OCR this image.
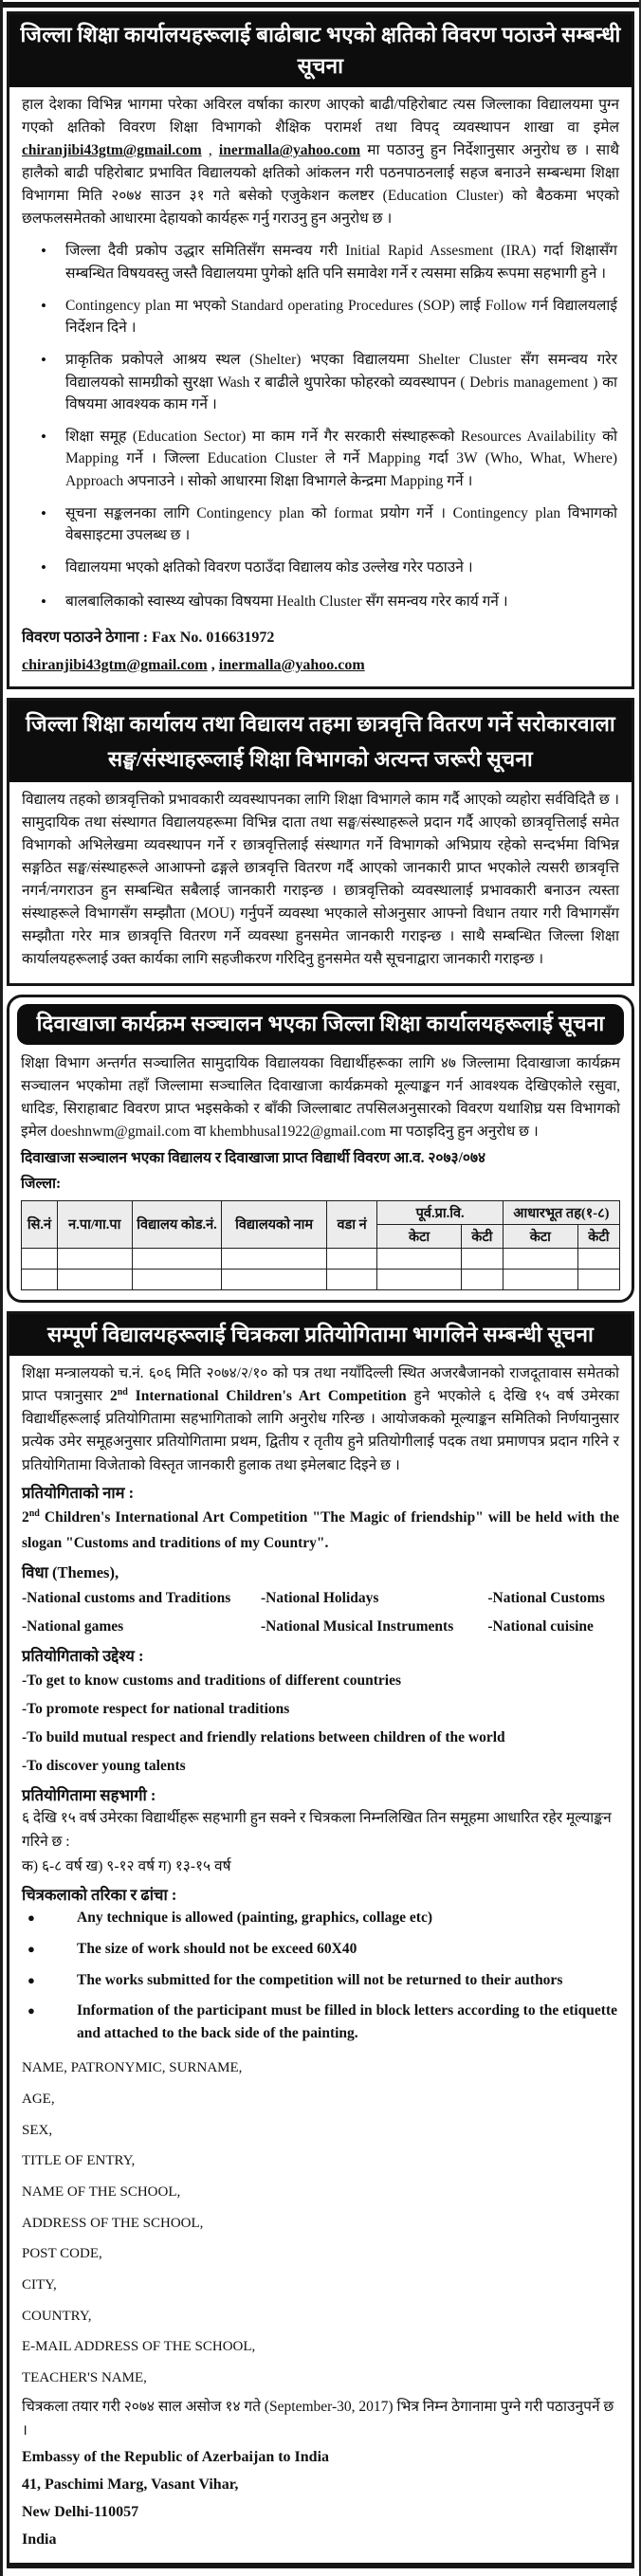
जिल्ला शिक्षा कार्यालयहरूलाई बाढीबाट भएको क्षतिको विवरण पठाउने सम्बन्धी सूचना

हाल देशका विभिन्न भागमा परेका अविरल वर्षाका कारण आएको बाढी/पहिरोबाट त्यस जिल्लाका विद्यालयमा पुग्न गएको क्षतिको विवरण शिक्षा विभागको शैक्षिक परामर्श तथा विपद् व्यवस्थापन शाखा वा इमेल chiranjibi43gtm@gmail.com , inermalla@yahoo.com मा पठाउनु हुन निर्देशानुसार अनुरोध छ । साथै हालैको बाढी पहिरोबाट प्रभावित विद्यालयको क्षतिको आंकलन गरी पठनपाठनलाई सहज बनाउने सम्बन्धमा शिक्षा विभागमा मिति २०७४ साउन ३१ गते बसेको एजुकेशन कलष्टर (Education Cluster) को बैठकमा भएको छलफलसमेतको आधारमा देहायको कार्यहरू गर्नु गराउनु हुन अनुरोध छ ।

•	जिल्ला दैवी प्रकोप उद्धार समितिसँग समन्वय गरी Initial Rapid Assesment (IRA) गर्दा शिक्षासँग सम्बन्धित विषयवस्तु जस्तै विद्यालयमा पुगेको क्षति पनि समावेश गर्ने र त्यसमा सक्रिय रूपमा सहभागी हुने ।
•	Contingency plan मा भएको Standard operating Procedures (SOP) लाई Follow गर्न विद्यालयलाई निर्देशन दिने ।
•	प्राकृतिक प्रकोपले आश्रय स्थल (Shelter) भएका विद्यालयमा Shelter Cluster सँग समन्वय गरेर विद्यालयको सामग्रीको सुरक्षा Wash र बाढीले थुपारेका फोहरको व्यवस्थापन ( Debris management ) का विषयमा आवश्यक काम गर्ने ।
•	शिक्षा समूह (Education Sector) मा काम गर्ने गैर सरकारी संस्थाहरूको Resources Availability को Mapping गर्ने । जिल्ला Education Cluster ले गर्ने Mapping गर्दा 3W (Who, What, Where) Approach अपनाउने । सोको आधारमा शिक्षा विभागले केन्द्रमा Mapping गर्ने ।
•	सूचना सङ्कलनका लागि Contingency plan को format प्रयोग गर्ने । Contingency plan विभागको वेबसाइटमा उपलब्ध छ ।
•	विद्यालयमा भएको क्षतिको विवरण पठाउँदा विद्यालय कोड उल्लेख गरेर पठाउने ।
•	बालबालिकाको स्वास्थ्य खोपका विषयमा Health Cluster सँग समन्वय गरेर कार्य गर्ने ।

विवरण पठाउने ठेगाना : Fax No. 016631972

chiranjibi43gtm@gmail.com , inermalla@yahoo.com

जिल्ला शिक्षा कार्यालय तथा विद्यालय तहमा छात्रवृत्ति वितरण गर्ने सरोकारवाला
सङ्घ/संस्थाहरूलाई शिक्षा विभागको अत्यन्त जरूरी सूचना

विद्यालय तहको छात्रवृत्तिको प्रभावकारी व्यवस्थापनका लागि शिक्षा विभागले काम गर्दै आएको व्यहोरा सर्वविदितै छ । सामुदायिक तथा संस्थागत विद्यालयहरूमा विभिन्न दाता तथा सङ्घ/संस्थाहरूले प्रदान गर्दै आएको छात्रवृत्तिलाई समेत विभागको अभिलेखमा व्यवस्थापन गर्ने र छात्रवृत्तिलाई संस्थागत गर्ने विभागको अभिप्राय रहेको सन्दर्भमा विभिन्न सङ्गठित सङ्घ/संस्थाहरूले आआफ्नो ढङ्गले छात्रवृत्ति वितरण गर्दै आएको जानकारी प्राप्त भएकोले त्यसरी छात्रवृत्ति नगर्न/नगराउन हुन सम्बन्धित सबैलाई जानकारी गराइन्छ । छात्रवृत्तिको व्यवस्थालाई प्रभावकारी बनाउन त्यस्ता संस्थाहरूले विभागसँग सम्झौता (MOU) गर्नुपर्ने व्यवस्था भएकाले सोअनुसार आफ्नो विधान तयार गरी विभागसँग सम्झौता गरेर मात्र छात्रवृत्ति वितरण गर्ने व्यवस्था हुनसमेत जानकारी गराइन्छ । साथै सम्बन्धित जिल्ला शिक्षा कार्यालयहरूलाई उक्त कार्यका लागि सहजीकरण गरिदिनु हुनसमेत यसै सूचनाद्वारा जानकारी गराइन्छ ।

दिवाखाजा कार्यक्रम सञ्चालन भएका जिल्ला शिक्षा कार्यालयहरूलाई सूचना

शिक्षा विभाग अन्तर्गत सञ्चालित सामुदायिक विद्यालयका विद्यार्थीहरूका लागि ४७ जिल्लामा दिवाखाजा कार्यक्रम सञ्चालन भएकोमा तहाँ जिल्लामा सञ्चालित दिवाखाजा कार्यक्रमको मूल्याङ्कन गर्न आवश्यक देखिएकोले रसुवा, धादिङ, सिराहाबाट विवरण प्राप्त भइसकेको र बाँकी जिल्लाबाट तपसिलअनुसारको विवरण यथाशिघ्र यस विभागको इमेल doeshnwm@gmail.com वा khembhusal1922@gmail.com मा पठाइदिनु हुन अनुरोध छ ।

दिवाखाजा सञ्चालन भएका विद्यालय र दिवाखाजा प्राप्त विद्यार्थी विवरण आ.व. २०७३/०७४

जिल्ला:

सि.नं	न.पा/गा.पा	विद्यालय कोड.नं.	विद्यालयको नाम	वडा नं	पूर्व.प्रा.वि.		आधारभूत तह(१-८)	
					केटा	केटी	केटा	केटी

सम्पूर्ण विद्यालयहरूलाई चित्रकला प्रतियोगितामा भागलिने सम्बन्धी सूचना

शिक्षा मन्त्रालयको च.नं. ६०६ मिति २०७४/२/१० को पत्र तथा नयाँदिल्ली स्थित अजरबैजानको राजदूतावास समेतको प्राप्त पत्रानुसार 2nd International Children's Art Competition हुने भएकोले ६ देखि १५ वर्ष उमेरका विद्यार्थीहरूलाई प्रतियोगितामा सहभागिताको लागि अनुरोध गरिन्छ । आयोजकको मूल्याङ्कन समितिको निर्णयानुसार प्रत्येक उमेर समूहअनुसार प्रतियोगितामा प्रथम, द्वितीय र तृतीय हुने प्रतियोगीलाई पदक तथा प्रमाणपत्र प्रदान गरिने र प्रतियोगितामा विजेताको विस्तृत जानकारी हुलाक तथा इमेलबाट दिइने छ ।

प्रतियोगिताको नाम :

2nd Children's International Art Competition "The Magic of friendship" will be held with the slogan "Customs and traditions of my Country".

विधा (Themes),

-National customs and Traditions	-National Holidays	-National Customs
-National games	-National Musical Instruments	-National cuisine

प्रतियोगिताको उद्देश्य :

-To get to know customs and traditions of different countries

-To promote respect for national traditions

-To build mutual respect and friendly relations between children of the world

-To discover young talents

प्रतियोगितामा सहभागी :

६ देखि १५ वर्ष उमेरका विद्यार्थीहरू सहभागी हुन सक्ने र चित्रकला निम्नलिखित तिन समूहमा आधारित रहेर मूल्याङ्कन गरिने छ :

क) ६-८ वर्ष ख) ९-१२ वर्ष ग) १३-१५ वर्ष

चित्रकलाको तरिका र ढांचा :

●	Any technique is allowed (painting, graphics, collage etc)
●	The size of work should not be exceed 60X40
●	The works submitted for the competition will not be returned to their authors
●	Information of the participant must be filled in block letters according to the etiquette and attached to the back side of the painting.

NAME, PATRONYMIC, SURNAME,

AGE,

SEX,

TITLE OF ENTRY,

NAME OF THE SCHOOL,

ADDRESS OF THE SCHOOL,

POST CODE,

CITY,

COUNTRY,

E-MAIL ADDRESS OF THE SCHOOL,

TEACHER'S NAME,

चित्रकला तयार गरी २०७४ साल असोज १४ गते (September-30, 2017) भित्र निम्न ठेगानामा पुग्ने गरी पठाउनुपर्ने छ ।

Embassy of the Republic of Azerbaijan to India

41, Paschimi Marg, Vasant Vihar,

New Delhi-110057

India
